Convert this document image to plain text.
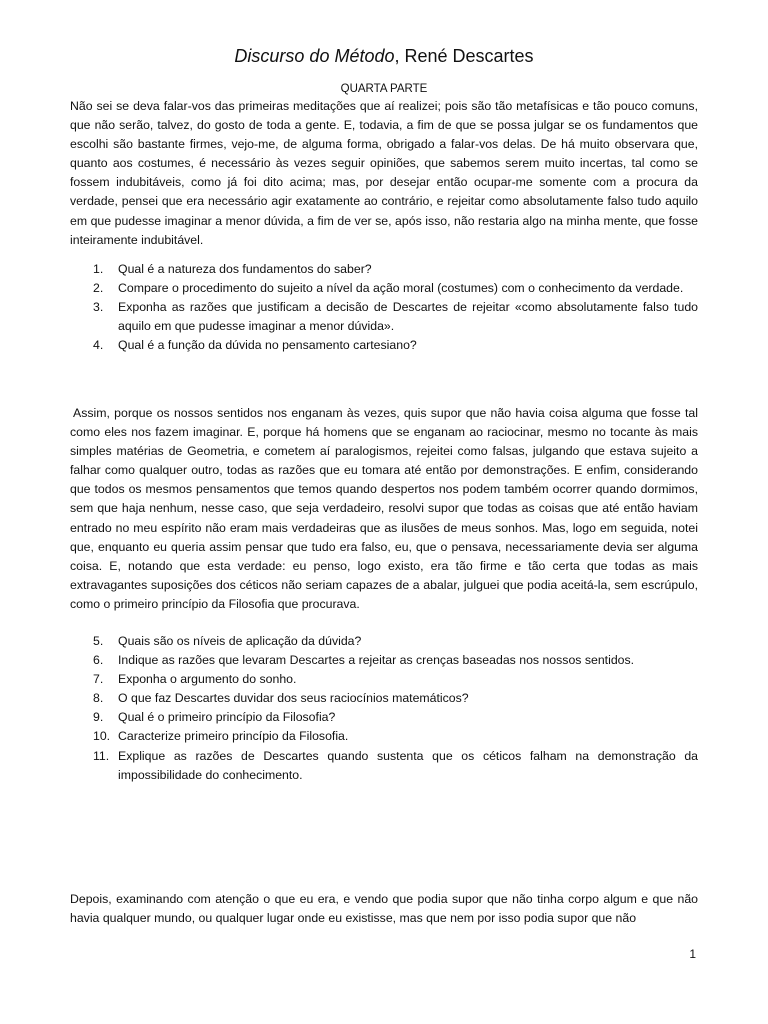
Discurso do Método, René Descartes
QUARTA PARTE

Não sei se deva falar-vos das primeiras meditações que aí realizei; pois são tão metafísicas e tão pouco comuns, que não serão, talvez, do gosto de toda a gente. E, todavia, a fim de que se possa julgar se os fundamentos que escolhi são bastante firmes, vejo-me, de alguma forma, obrigado a falar-vos delas. De há muito observara que, quanto aos costumes, é necessário às vezes seguir opiniões, que sabemos serem muito incertas, tal como se fossem indubitáveis, como já foi dito acima; mas, por desejar então ocupar-me somente com a procura da verdade, pensei que era necessário agir exatamente ao contrário, e rejeitar como absolutamente falso tudo aquilo em que pudesse imaginar a menor dúvida, a fim de ver se, após isso, não restaria algo na minha mente, que fosse inteiramente indubitável.

1. Qual é a natureza dos fundamentos do saber?
2. Compare o procedimento do sujeito a nível da ação moral (costumes) com o conhecimento da verdade.
3. Exponha as razões que justificam a decisão de Descartes de rejeitar «como absolutamente falso tudo aquilo em que pudesse imaginar a menor dúvida».
4. Qual é a função da dúvida no pensamento cartesiano?

Assim, porque os nossos sentidos nos enganam às vezes, quis supor que não havia coisa alguma que fosse tal como eles nos fazem imaginar. E, porque há homens que se enganam ao raciocinar, mesmo no tocante às mais simples matérias de Geometria, e cometem aí paralogismos, rejeitei como falsas, julgando que estava sujeito a falhar como qualquer outro, todas as razões que eu tomara até então por demonstrações. E enfim, considerando que todos os mesmos pensamentos que temos quando despertos nos podem também ocorrer quando dormimos, sem que haja nenhum, nesse caso, que seja verdadeiro, resolvi supor que todas as coisas que até então haviam entrado no meu espírito não eram mais verdadeiras que as ilusões de meus sonhos. Mas, logo em seguida, notei que, enquanto eu queria assim pensar que tudo era falso, eu, que o pensava, necessariamente devia ser alguma coisa. E, notando que esta verdade: eu penso, logo existo, era tão firme e tão certa que todas as mais extravagantes suposições dos céticos não seriam capazes de a abalar, julguei que podia aceitá-la, sem escrúpulo, como o primeiro princípio da Filosofia que procurava.

5. Quais são os níveis de aplicação da dúvida?
6. Indique as razões que levaram Descartes a rejeitar as crenças baseadas nos nossos sentidos.
7. Exponha o argumento do sonho.
8. O que faz Descartes duvidar dos seus raciocínios matemáticos?
9. Qual é o primeiro princípio da Filosofia?
10. Caracterize primeiro princípio da Filosofia.
11. Explique as razões de Descartes quando sustenta que os céticos falham na demonstração da impossibilidade do conhecimento.

Depois, examinando com atenção o que eu era, e vendo que podia supor que não tinha corpo algum e que não havia qualquer mundo, ou qualquer lugar onde eu existisse, mas que nem por isso podia supor que não

1
